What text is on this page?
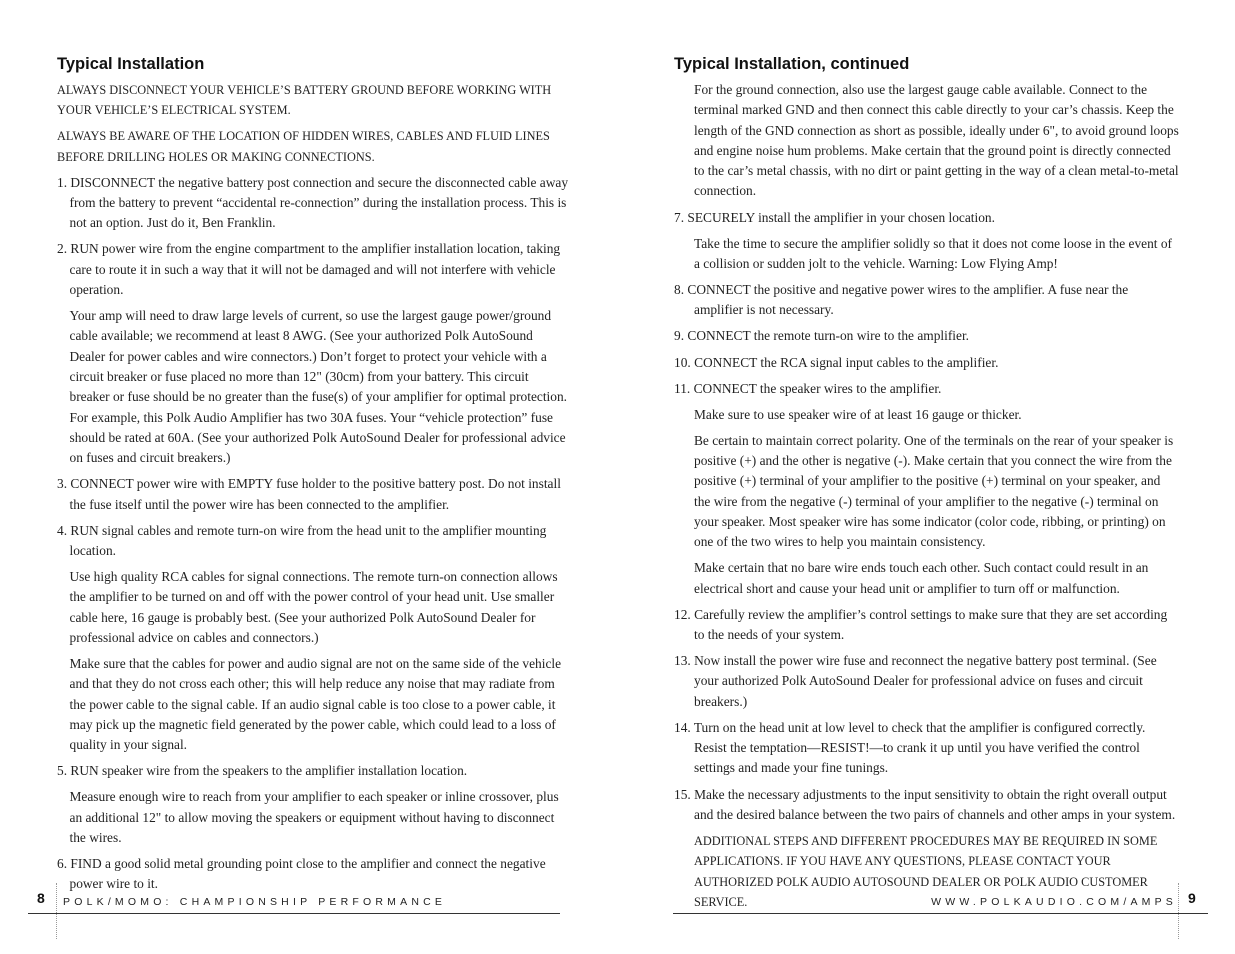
Typical Installation

ALWAYS DISCONNECT YOUR VEHICLE’S BATTERY GROUND BEFORE WORKING WITH YOUR VEHICLE’S ELECTRICAL SYSTEM.

ALWAYS BE AWARE OF THE LOCATION OF HIDDEN WIRES, CABLES AND FLUID LINES BEFORE DRILLING HOLES OR MAKING CONNECTIONS.

1. DISCONNECT the negative battery post connection and secure the disconnected cable away from the battery to prevent “accidental re-connection” during the installation process. This is not an option. Just do it, Ben Franklin.

2. RUN power wire from the engine compartment to the amplifier installation location, taking care to route it in such a way that it will not be damaged and will not interfere with vehicle operation.

Your amp will need to draw large levels of current, so use the largest gauge power/ground cable available; we recommend at least 8 AWG. (See your authorized Polk AutoSound Dealer for power cables and wire connectors.) Don’t forget to protect your vehicle with a circuit breaker or fuse placed no more than 12" (30cm) from your battery. This circuit breaker or fuse should be no greater than the fuse(s) of your amplifier for optimal protection. For example, this Polk Audio Amplifier has two 30A fuses. Your “vehicle protection” fuse should be rated at 60A. (See your authorized Polk AutoSound Dealer for professional advice on fuses and circuit breakers.)

3. CONNECT power wire with EMPTY fuse holder to the positive battery post. Do not install the fuse itself until the power wire has been connected to the amplifier.

4. RUN signal cables and remote turn-on wire from the head unit to the amplifier mounting location.

Use high quality RCA cables for signal connections. The remote turn-on connection allows the amplifier to be turned on and off with the power control of your head unit. Use smaller cable here, 16 gauge is probably best. (See your authorized Polk AutoSound Dealer for professional advice on cables and connectors.)

Make sure that the cables for power and audio signal are not on the same side of the vehicle and that they do not cross each other; this will help reduce any noise that may radiate from the power cable to the signal cable. If an audio signal cable is too close to a power cable, it may pick up the magnetic field generated by the power cable, which could lead to a loss of quality in your signal.

5. RUN speaker wire from the speakers to the amplifier installation location.

Measure enough wire to reach from your amplifier to each speaker or inline crossover, plus an additional 12" to allow moving the speakers or equipment without having to disconnect the wires.

6. FIND a good solid metal grounding point close to the amplifier and connect the negative power wire to it.

8 POLK/MOMO: CHAMPIONSHIP PERFORMANCE
Typical Installation, continued

For the ground connection, also use the largest gauge cable available. Connect to the terminal marked GND and then connect this cable directly to your car’s chassis. Keep the length of the GND connection as short as possible, ideally under 6", to avoid ground loops and engine noise hum problems. Make certain that the ground point is directly connected to the car’s metal chassis, with no dirt or paint getting in the way of a clean metal-to-metal connection.

7. SECURELY install the amplifier in your chosen location.

Take the time to secure the amplifier solidly so that it does not come loose in the event of a collision or sudden jolt to the vehicle. Warning: Low Flying Amp!

8. CONNECT the positive and negative power wires to the amplifier. A fuse near the amplifier is not necessary.

9. CONNECT the remote turn-on wire to the amplifier.

10. CONNECT the RCA signal input cables to the amplifier.

11. CONNECT the speaker wires to the amplifier.

Make sure to use speaker wire of at least 16 gauge or thicker.

Be certain to maintain correct polarity. One of the terminals on the rear of your speaker is positive (+) and the other is negative (-). Make certain that you connect the wire from the positive (+) terminal of your amplifier to the positive (+) terminal on your speaker, and the wire from the negative (-) terminal of your amplifier to the negative (-) terminal on your speaker. Most speaker wire has some indicator (color code, ribbing, or printing) on one of the two wires to help you maintain consistency.

Make certain that no bare wire ends touch each other. Such contact could result in an electrical short and cause your head unit or amplifier to turn off or malfunction.

12. Carefully review the amplifier’s control settings to make sure that they are set according to the needs of your system.

13. Now install the power wire fuse and reconnect the negative battery post terminal. (See your authorized Polk AutoSound Dealer for professional advice on fuses and circuit breakers.)

14. Turn on the head unit at low level to check that the amplifier is configured correctly. Resist the temptation—RESIST!—to crank it up until you have verified the control settings and made your fine tunings.

15. Make the necessary adjustments to the input sensitivity to obtain the right overall output and the desired balance between the two pairs of channels and other amps in your system.

ADDITIONAL STEPS AND DIFFERENT PROCEDURES MAY BE REQUIRED IN SOME APPLICATIONS. IF YOU HAVE ANY QUESTIONS, PLEASE CONTACT YOUR AUTHORIZED POLK AUDIO AUTOSOUND DEALER OR POLK AUDIO CUSTOMER SERVICE.	WWW.POLKAUDIO.COM/AMPS 9
